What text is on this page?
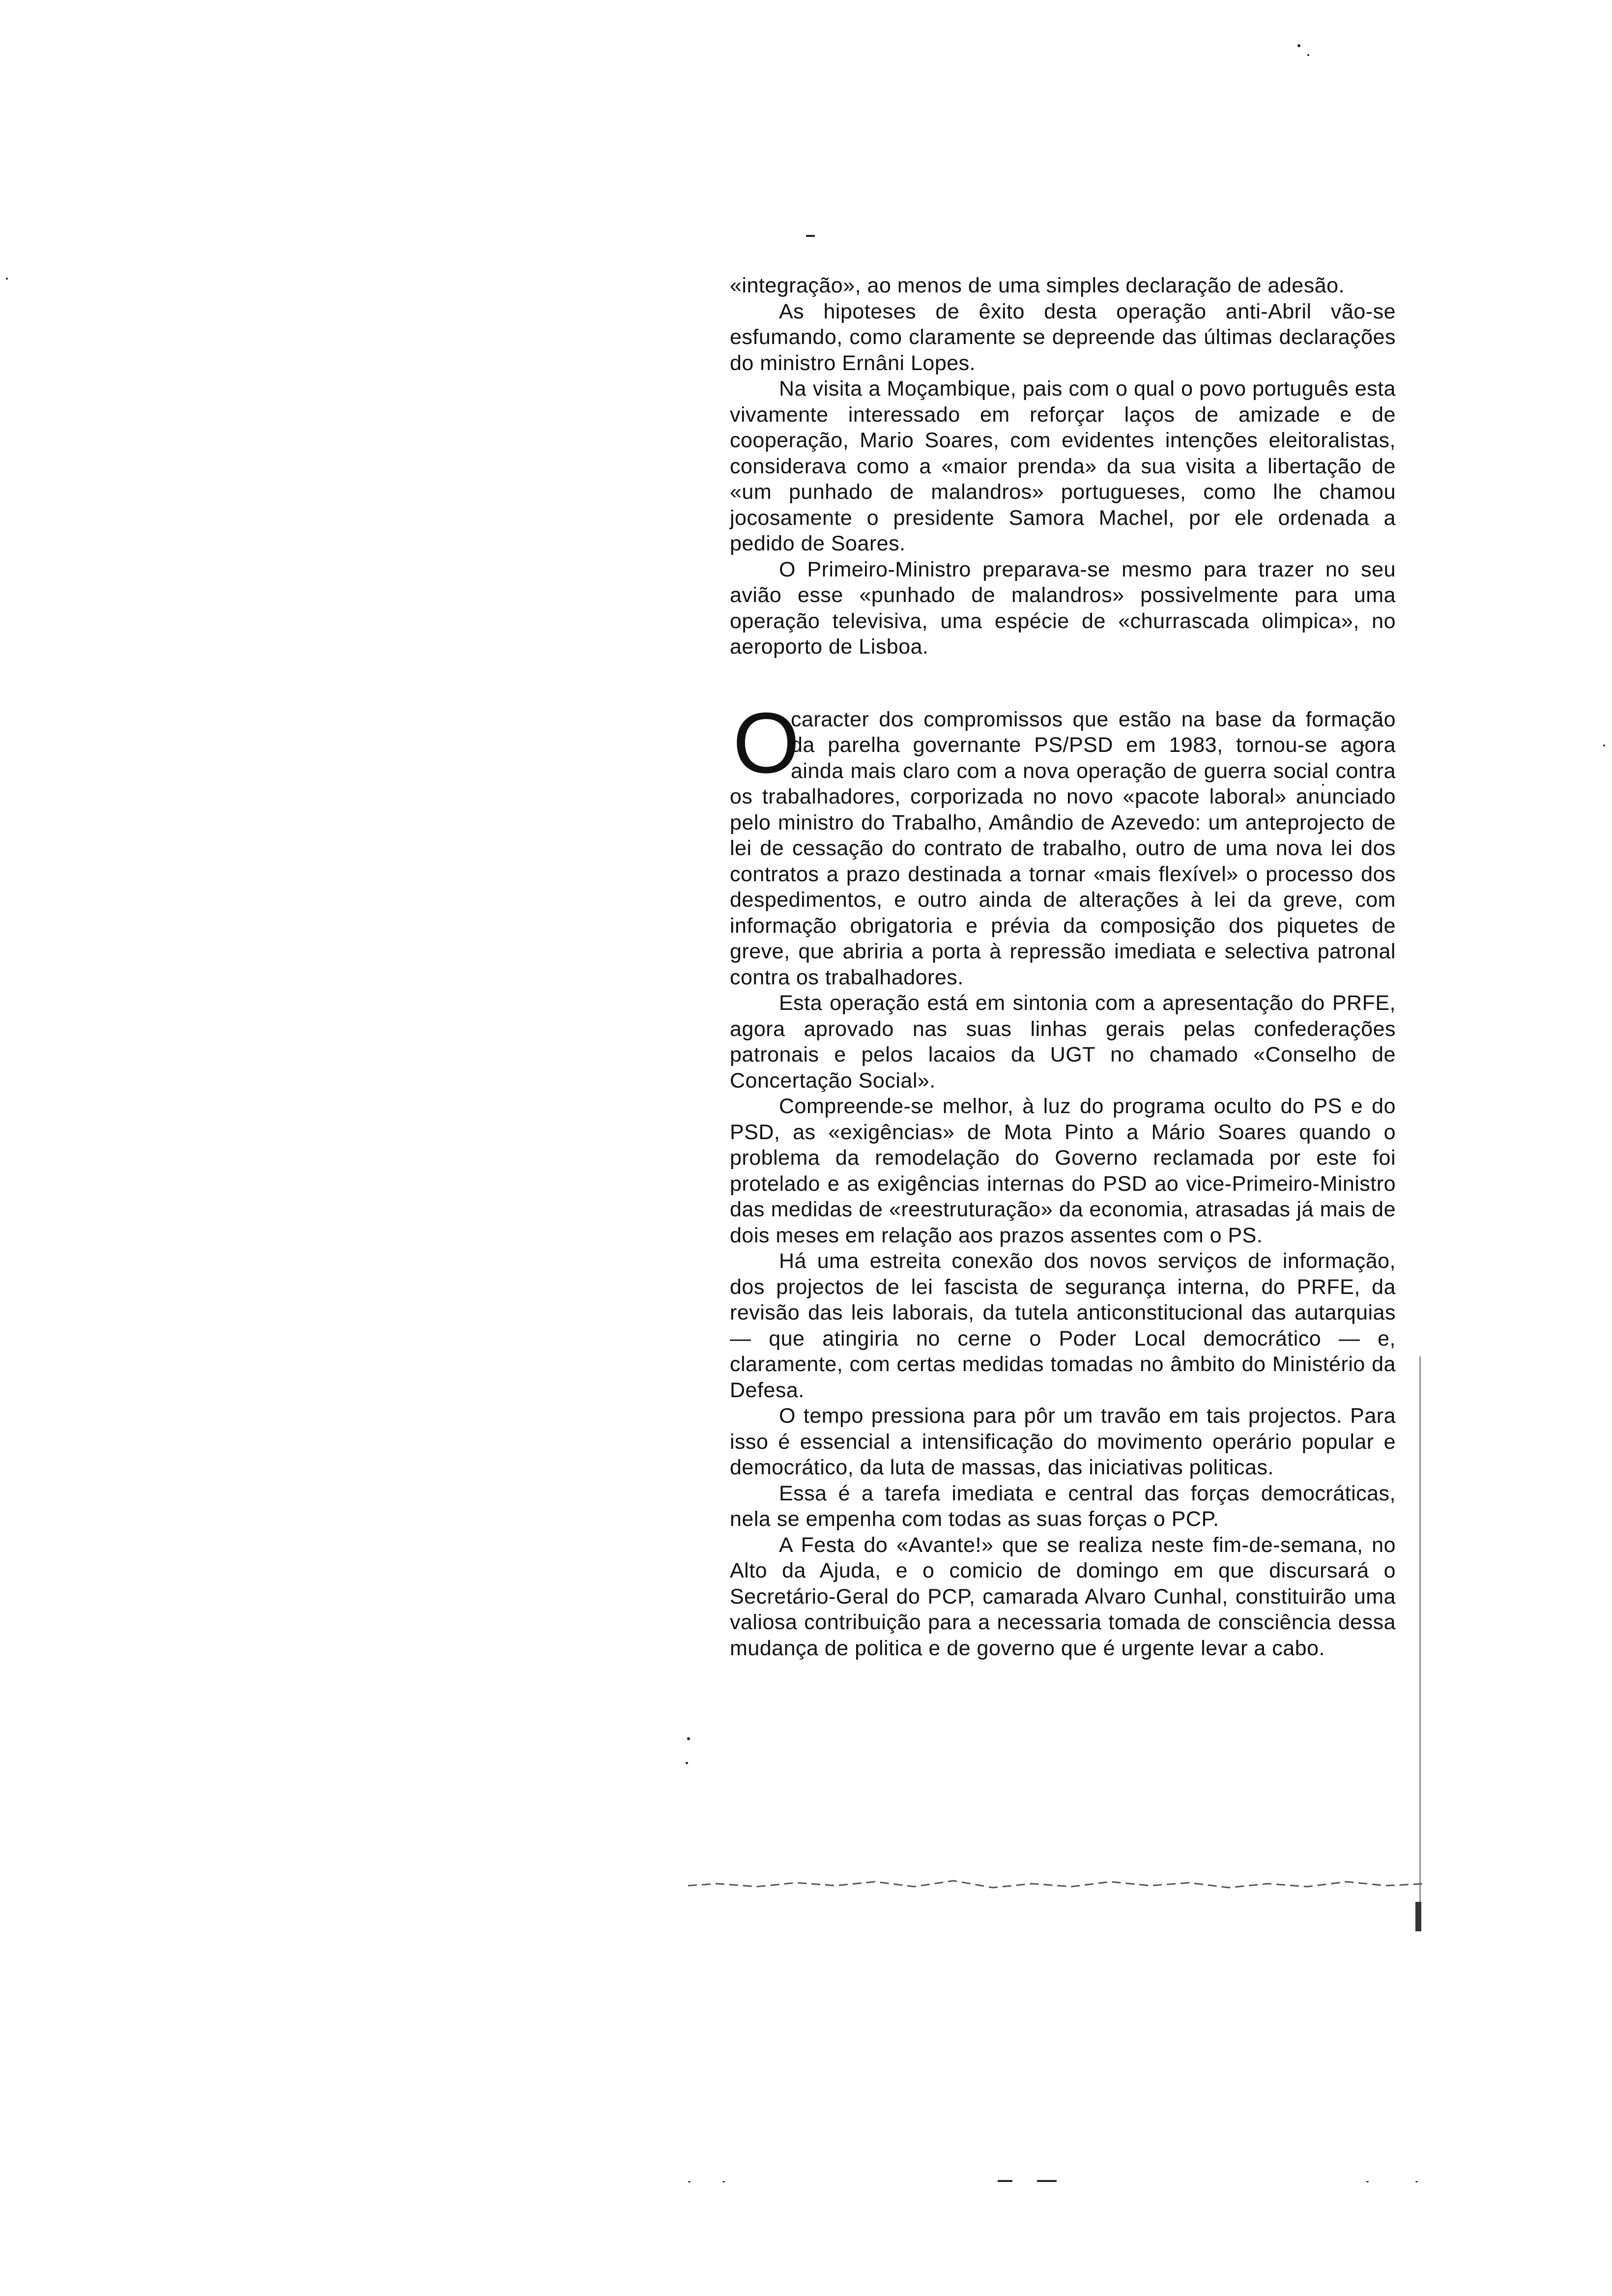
«integração», ao menos de uma simples declaração de adesão.

As hipoteses de êxito desta operação anti-Abril vão-se esfumando, como claramente se depreende das últimas declarações do ministro Ernâni Lopes.

Na visita a Moçambique, pais com o qual o povo português esta vivamente interessado em reforçar laços de amizade e de cooperação, Mario Soares, com evidentes intenções eleitoralistas, considerava como a «maior prenda» da sua visita a libertação de «um punhado de malandros» portugueses, como lhe chamou jocosamente o presidente Samora Machel, por ele ordenada a pedido de Soares.

O Primeiro-Ministro preparava-se mesmo para trazer no seu avião esse «punhado de malandros» possivelmente para uma operação televisiva, uma espécie de «churrascada olimpica», no aeroporto de Lisboa.

O

caracter dos compromissos que estão na base da formação da parelha governante PS/PSD em 1983, tornou-se agora ainda mais claro com a nova operação de guerra social contra os trabalhadores, corporizada no novo «pacote laboral» anunciado pelo ministro do Trabalho, Amândio de Azevedo: um anteprojecto de lei de cessação do contrato de trabalho, outro de uma nova lei dos contratos a prazo destinada a tornar «mais flexível» o processo dos despedimentos, e outro ainda de alterações à lei da greve, com informação obrigatoria e prévia da composição dos piquetes de greve, que abriria a porta à repressão imediata e selectiva patronal contra os trabalhadores.

Esta operação está em sintonia com a apresentação do PRFE, agora aprovado nas suas linhas gerais pelas confederações patronais e pelos lacaios da UGT no chamado «Conselho de Concertação Social».

Compreende-se melhor, à luz do programa oculto do PS e do PSD, as «exigências» de Mota Pinto a Mário Soares quando o problema da remodelação do Governo reclamada por este foi protelado e as exigências internas do PSD ao vice-Primeiro-Ministro das medidas de «reestruturação» da economia, atrasadas já mais de dois meses em relação aos prazos assentes com o PS.

Há uma estreita conexão dos novos serviços de informação, dos projectos de lei fascista de segurança interna, do PRFE, da revisão das leis laborais, da tutela anticonstitucional das autarquias — que atingiria no cerne o Poder Local democrático — e, claramente, com certas medidas tomadas no âmbito do Ministério da Defesa.

O tempo pressiona para pôr um travão em tais projectos. Para isso é essencial a intensificação do movimento operário popular e democrático, da luta de massas, das iniciativas politicas.

Essa é a tarefa imediata e central das forças democráticas, nela se empenha com todas as suas forças o PCP.

A Festa do «Avante!» que se realiza neste fim-de-semana, no Alto da Ajuda, e o comicio de domingo em que discursará o Secretário-Geral do PCP, camarada Alvaro Cunhal, constituirão uma valiosa contribuição para a necessaria tomada de consciência dessa mudança de politica e de governo que é urgente levar a cabo.
